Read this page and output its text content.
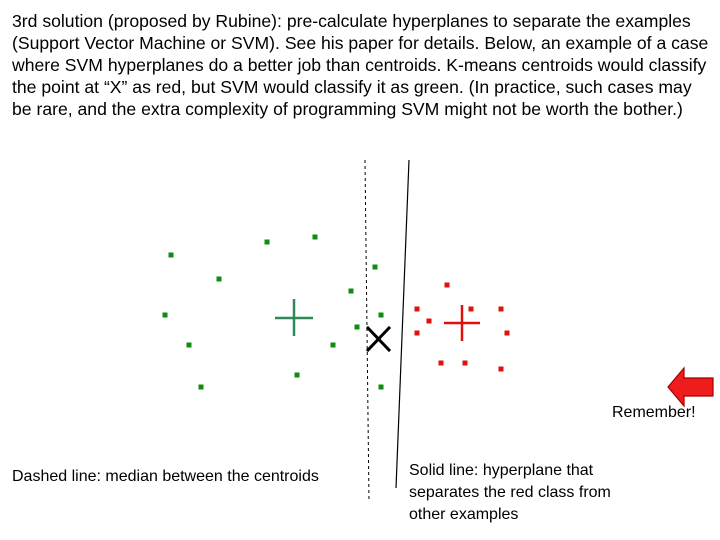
3rd solution (proposed by Rubine): pre-calculate hyperplanes to separate the examples (Support Vector Machine or SVM). See his paper for details. Below, an example of a case where SVM hyperplanes do a better job than centroids. K-means centroids would classify the point at “X” as red, but SVM would classify it as green. (In practice, such cases may be rare, and the extra complexity of programming SVM might not be worth the bother.)

Remember!

Dashed line: median between the centroids	Solid line: hyperplane that separates the red class from other examples
